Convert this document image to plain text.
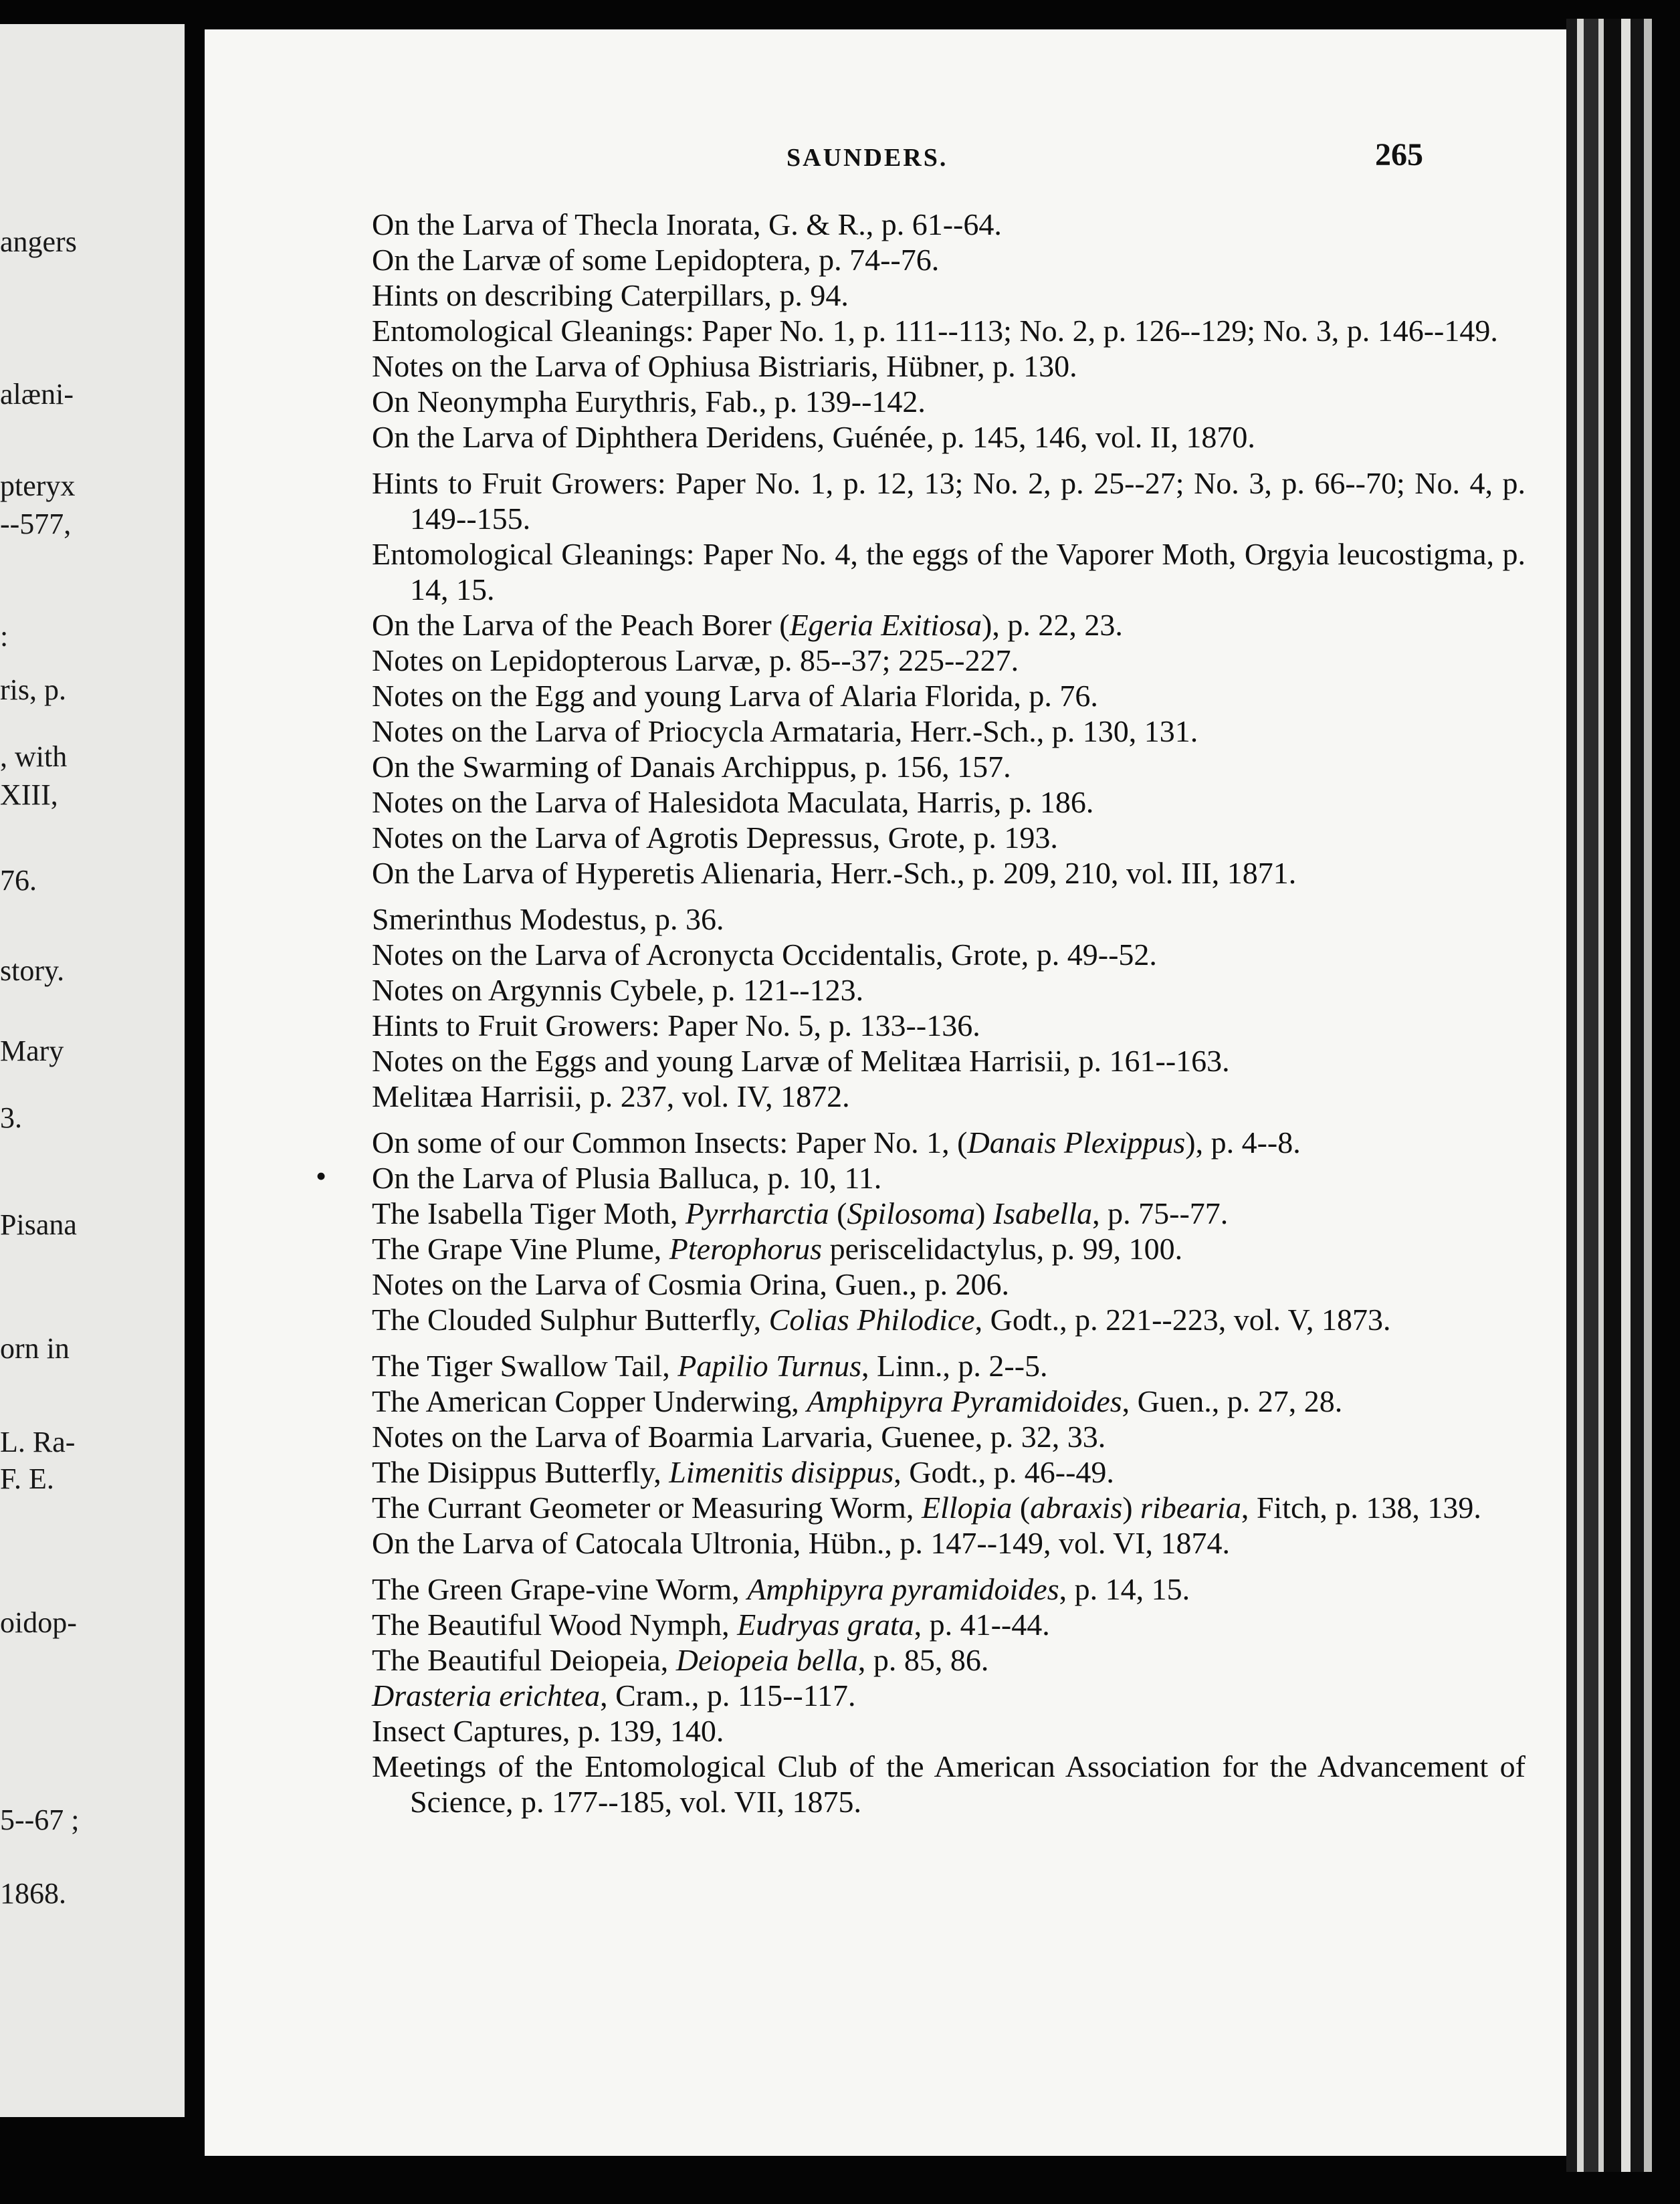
angers
alæni-
pteryx
--577,
:
ris, p.
, with
XIII,
76.
story.
Mary
3.
Pisana
orn in
L. Ra-
F. E.
oidop-
5--67 ;
1868.
SAUNDERS.	265

On the Larva of Thecla Inorata, G. & R., p. 61--64.

On the Larvæ of some Lepidoptera, p. 74--76.

Hints on describing Caterpillars, p. 94.

Entomological Gleanings: Paper No. 1, p. 111--113; No. 2, p. 126--129; No. 3, p. 146--149.

Notes on the Larva of Ophiusa Bistriaris, Hübner, p. 130.

On Neonympha Eurythris, Fab., p. 139--142.

On the Larva of Diphthera Deridens, Guénée, p. 145, 146, vol. II, 1870.

Hints to Fruit Growers: Paper No. 1, p. 12, 13; No. 2, p. 25--27; No. 3, p. 66--70; No. 4, p. 149--155.

Entomological Gleanings: Paper No. 4, the eggs of the Vaporer Moth, Orgyia leucostigma, p. 14, 15.

On the Larva of the Peach Borer (Egeria Exitiosa), p. 22, 23.

Notes on Lepidopterous Larvæ, p. 85--37; 225--227.

Notes on the Egg and young Larva of Alaria Florida, p. 76.

Notes on the Larva of Priocycla Armataria, Herr.-Sch., p. 130, 131.

On the Swarming of Danais Archippus, p. 156, 157.

Notes on the Larva of Halesidota Maculata, Harris, p. 186.

Notes on the Larva of Agrotis Depressus, Grote, p. 193.

On the Larva of Hyperetis Alienaria, Herr.-Sch., p. 209, 210, vol. III, 1871.

Smerinthus Modestus, p. 36.

Notes on the Larva of Acronycta Occidentalis, Grote, p. 49--52.

Notes on Argynnis Cybele, p. 121--123.

Hints to Fruit Growers: Paper No. 5, p. 133--136.

Notes on the Eggs and young Larvæ of Melitæa Harrisii, p. 161--163.

Melitæa Harrisii, p. 237, vol. IV, 1872.

On some of our Common Insects: Paper No. 1, (Danais Plexippus), p. 4--8.

On the Larva of Plusia Balluca, p. 10, 11.

The Isabella Tiger Moth, Pyrrharctia (Spilosoma) Isabella, p. 75--77.

The Grape Vine Plume, Pterophorus periscelidactylus, p. 99, 100.

Notes on the Larva of Cosmia Orina, Guen., p. 206.

The Clouded Sulphur Butterfly, Colias Philodice, Godt., p. 221--223, vol. V, 1873.

The Tiger Swallow Tail, Papilio Turnus, Linn., p. 2--5.

The American Copper Underwing, Amphipyra Pyramidoides, Guen., p. 27, 28.

Notes on the Larva of Boarmia Larvaria, Guenee, p. 32, 33.

The Disippus Butterfly, Limenitis disippus, Godt., p. 46--49.

The Currant Geometer or Measuring Worm, Ellopia (abraxis) ribearia, Fitch, p. 138, 139.

On the Larva of Catocala Ultronia, Hübn., p. 147--149, vol. VI, 1874.

The Green Grape-vine Worm, Amphipyra pyramidoides, p. 14, 15.

The Beautiful Wood Nymph, Eudryas grata, p. 41--44.

The Beautiful Deiopeia, Deiopeia bella, p. 85, 86.

Drasteria erichtea, Cram., p. 115--117.

Insect Captures, p. 139, 140.

Meetings of the Entomological Club of the American Association for the Advancement of Science, p. 177--185, vol. VII, 1875.

•
